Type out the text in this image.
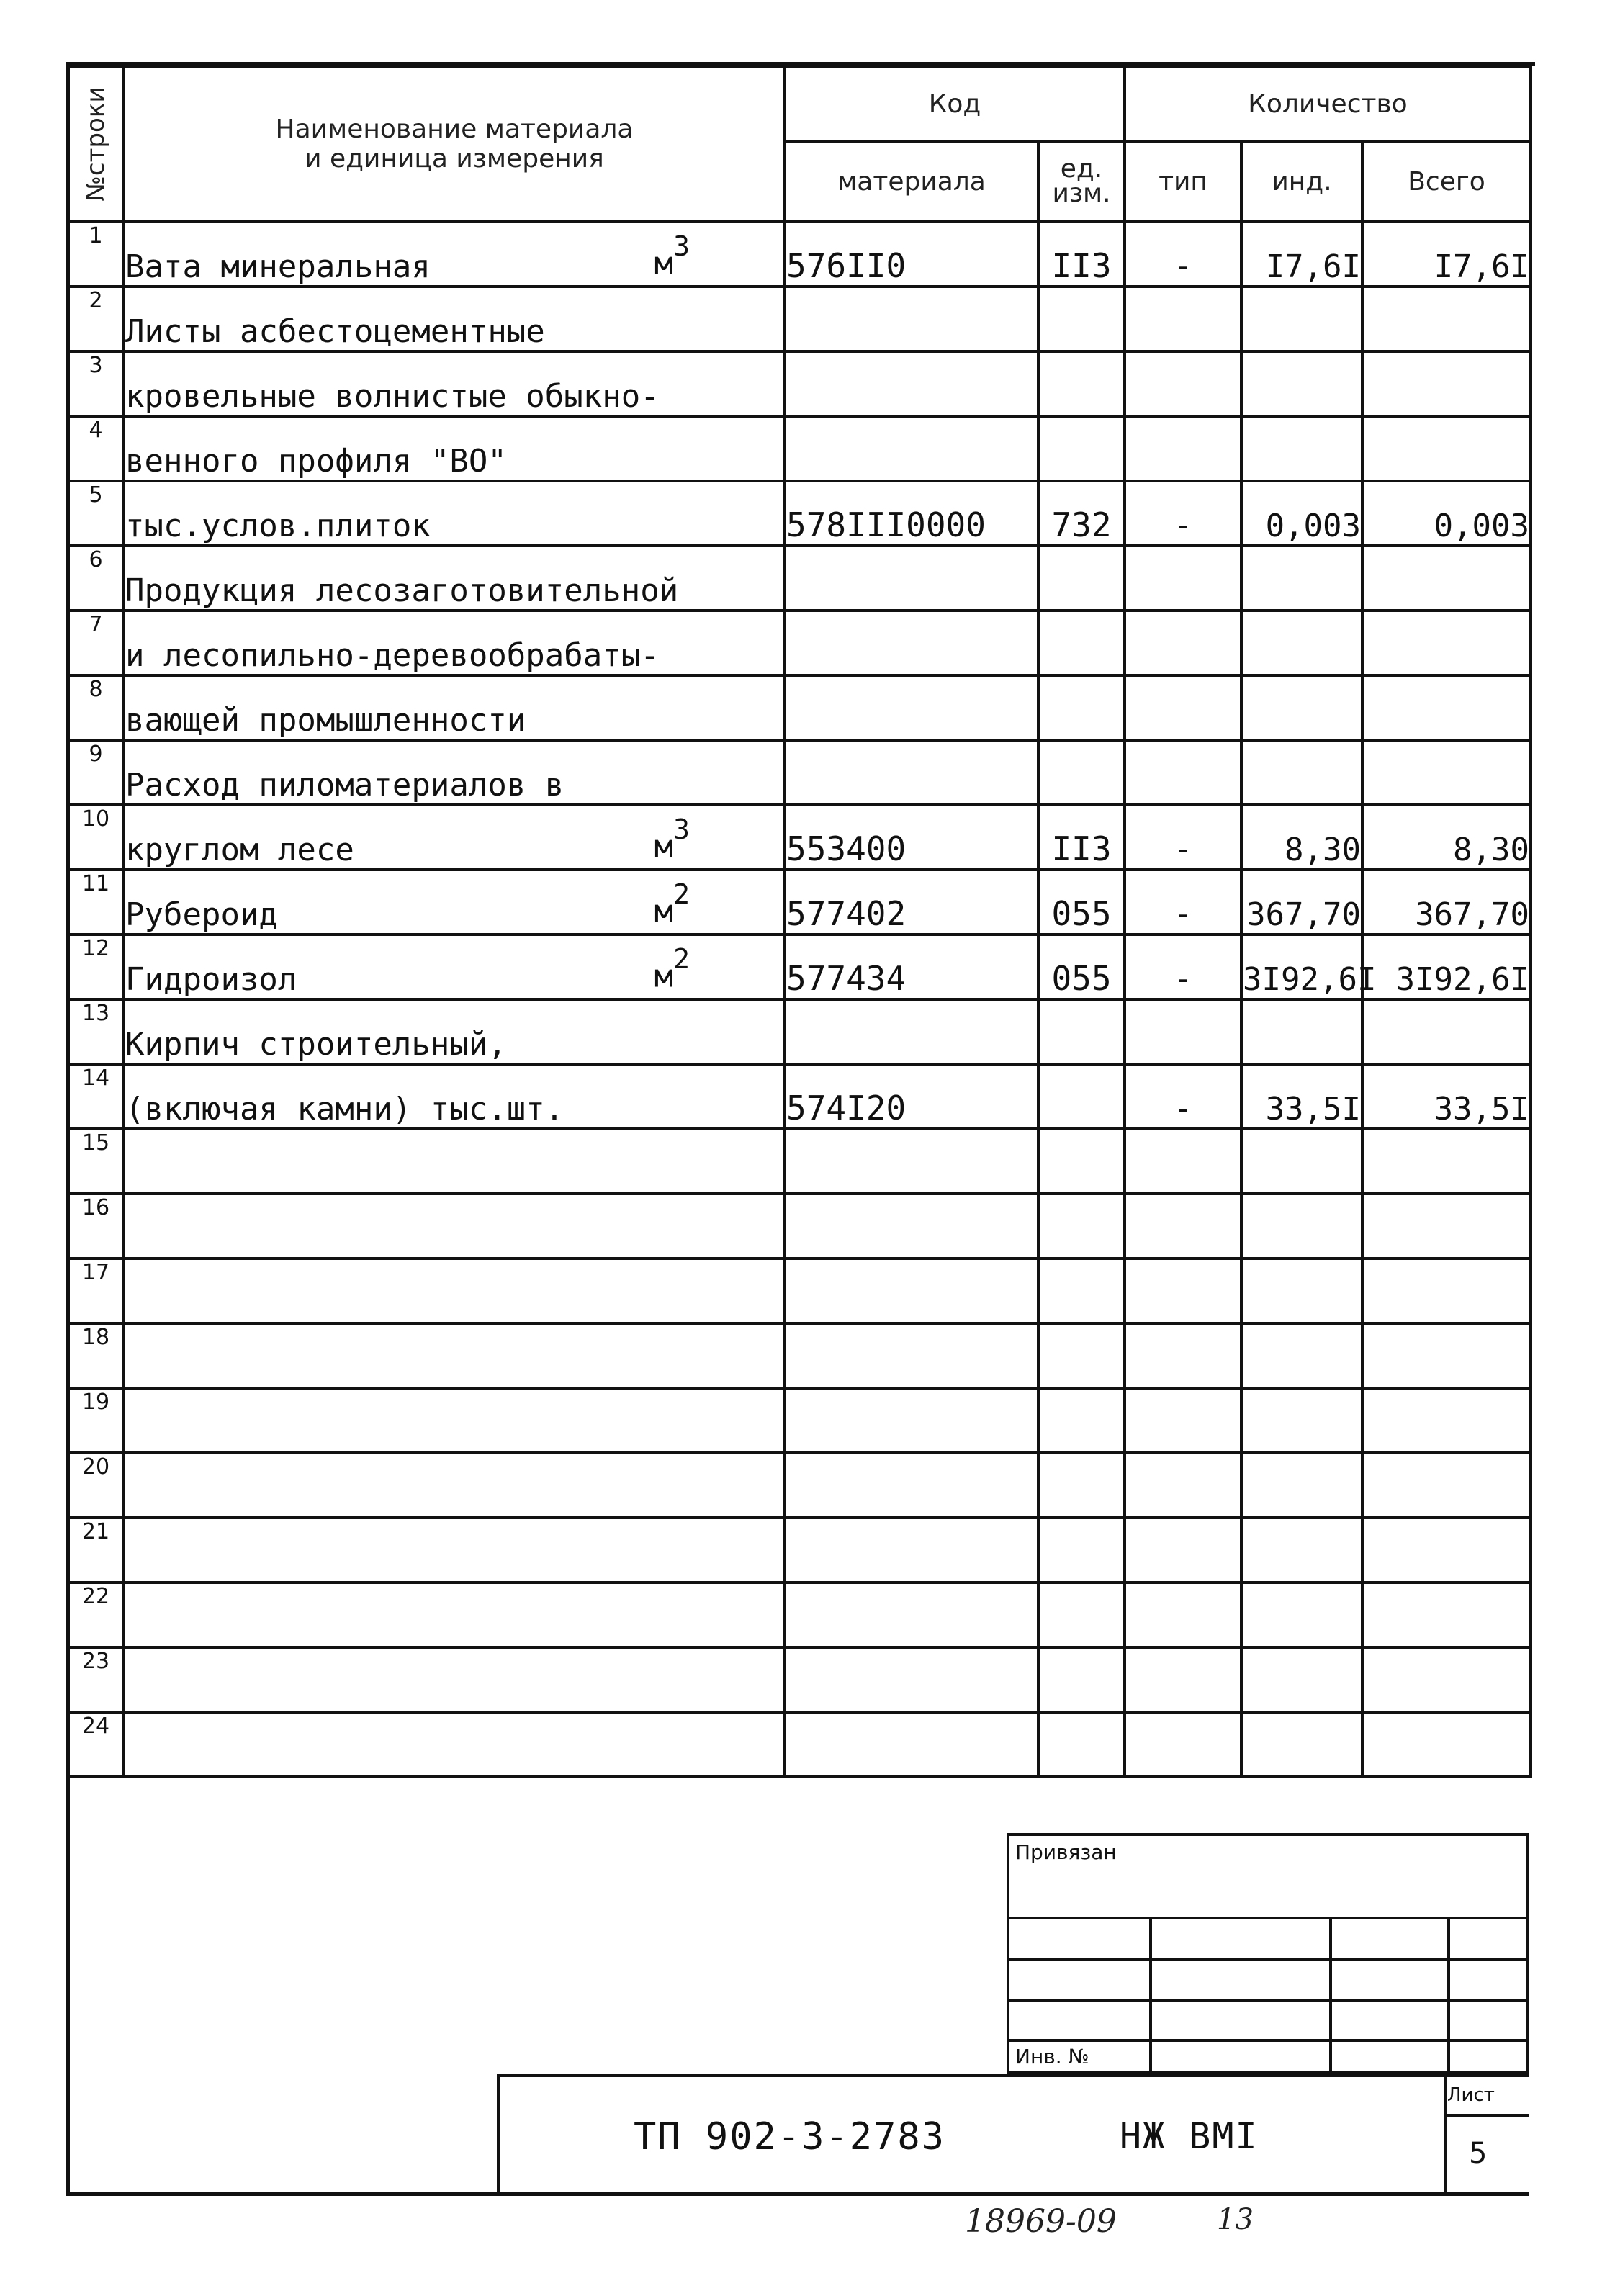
№строки	Наименование материала
и единица измерения	Код		Количество		
		материала	ед. изм.	тип	инд.	Всего
1	Вата минеральная $м^3$	576II0	II3	-	I7,6I	I7,6I
2	Листы асбестоцементные					
3	кровельные волнистые обыкно-					
4	венного профиля "ВО"					
5	тыс.услов.плиток	578III0000	732	-	0,003	0,003
6	Продукция лесозаготовительной					
7	и лесопильно-деревообрабаты-					
8	вающей промышленности					
9	Расход пиломатериалов в					
10	круглом лесе $м^3$	553400	II3	-	8,30	8,30
11	Рубероид $м^2$	577402	055	-	367,70	367,70
12	Гидроизол $м^2$	577434	055	-	3I92,6I	3I92,6I
13	Кирпич строительный,					
14	(включая камни) тыс.шт.	574I20		-	33,5I	33,5I
15						
16						
17						
18						
19						
20						
21						
22						
23						
24						
Привязан
Инв. №
ТП 902-3-2783	НЖ ВМI
Лист
5
18969-09	13
